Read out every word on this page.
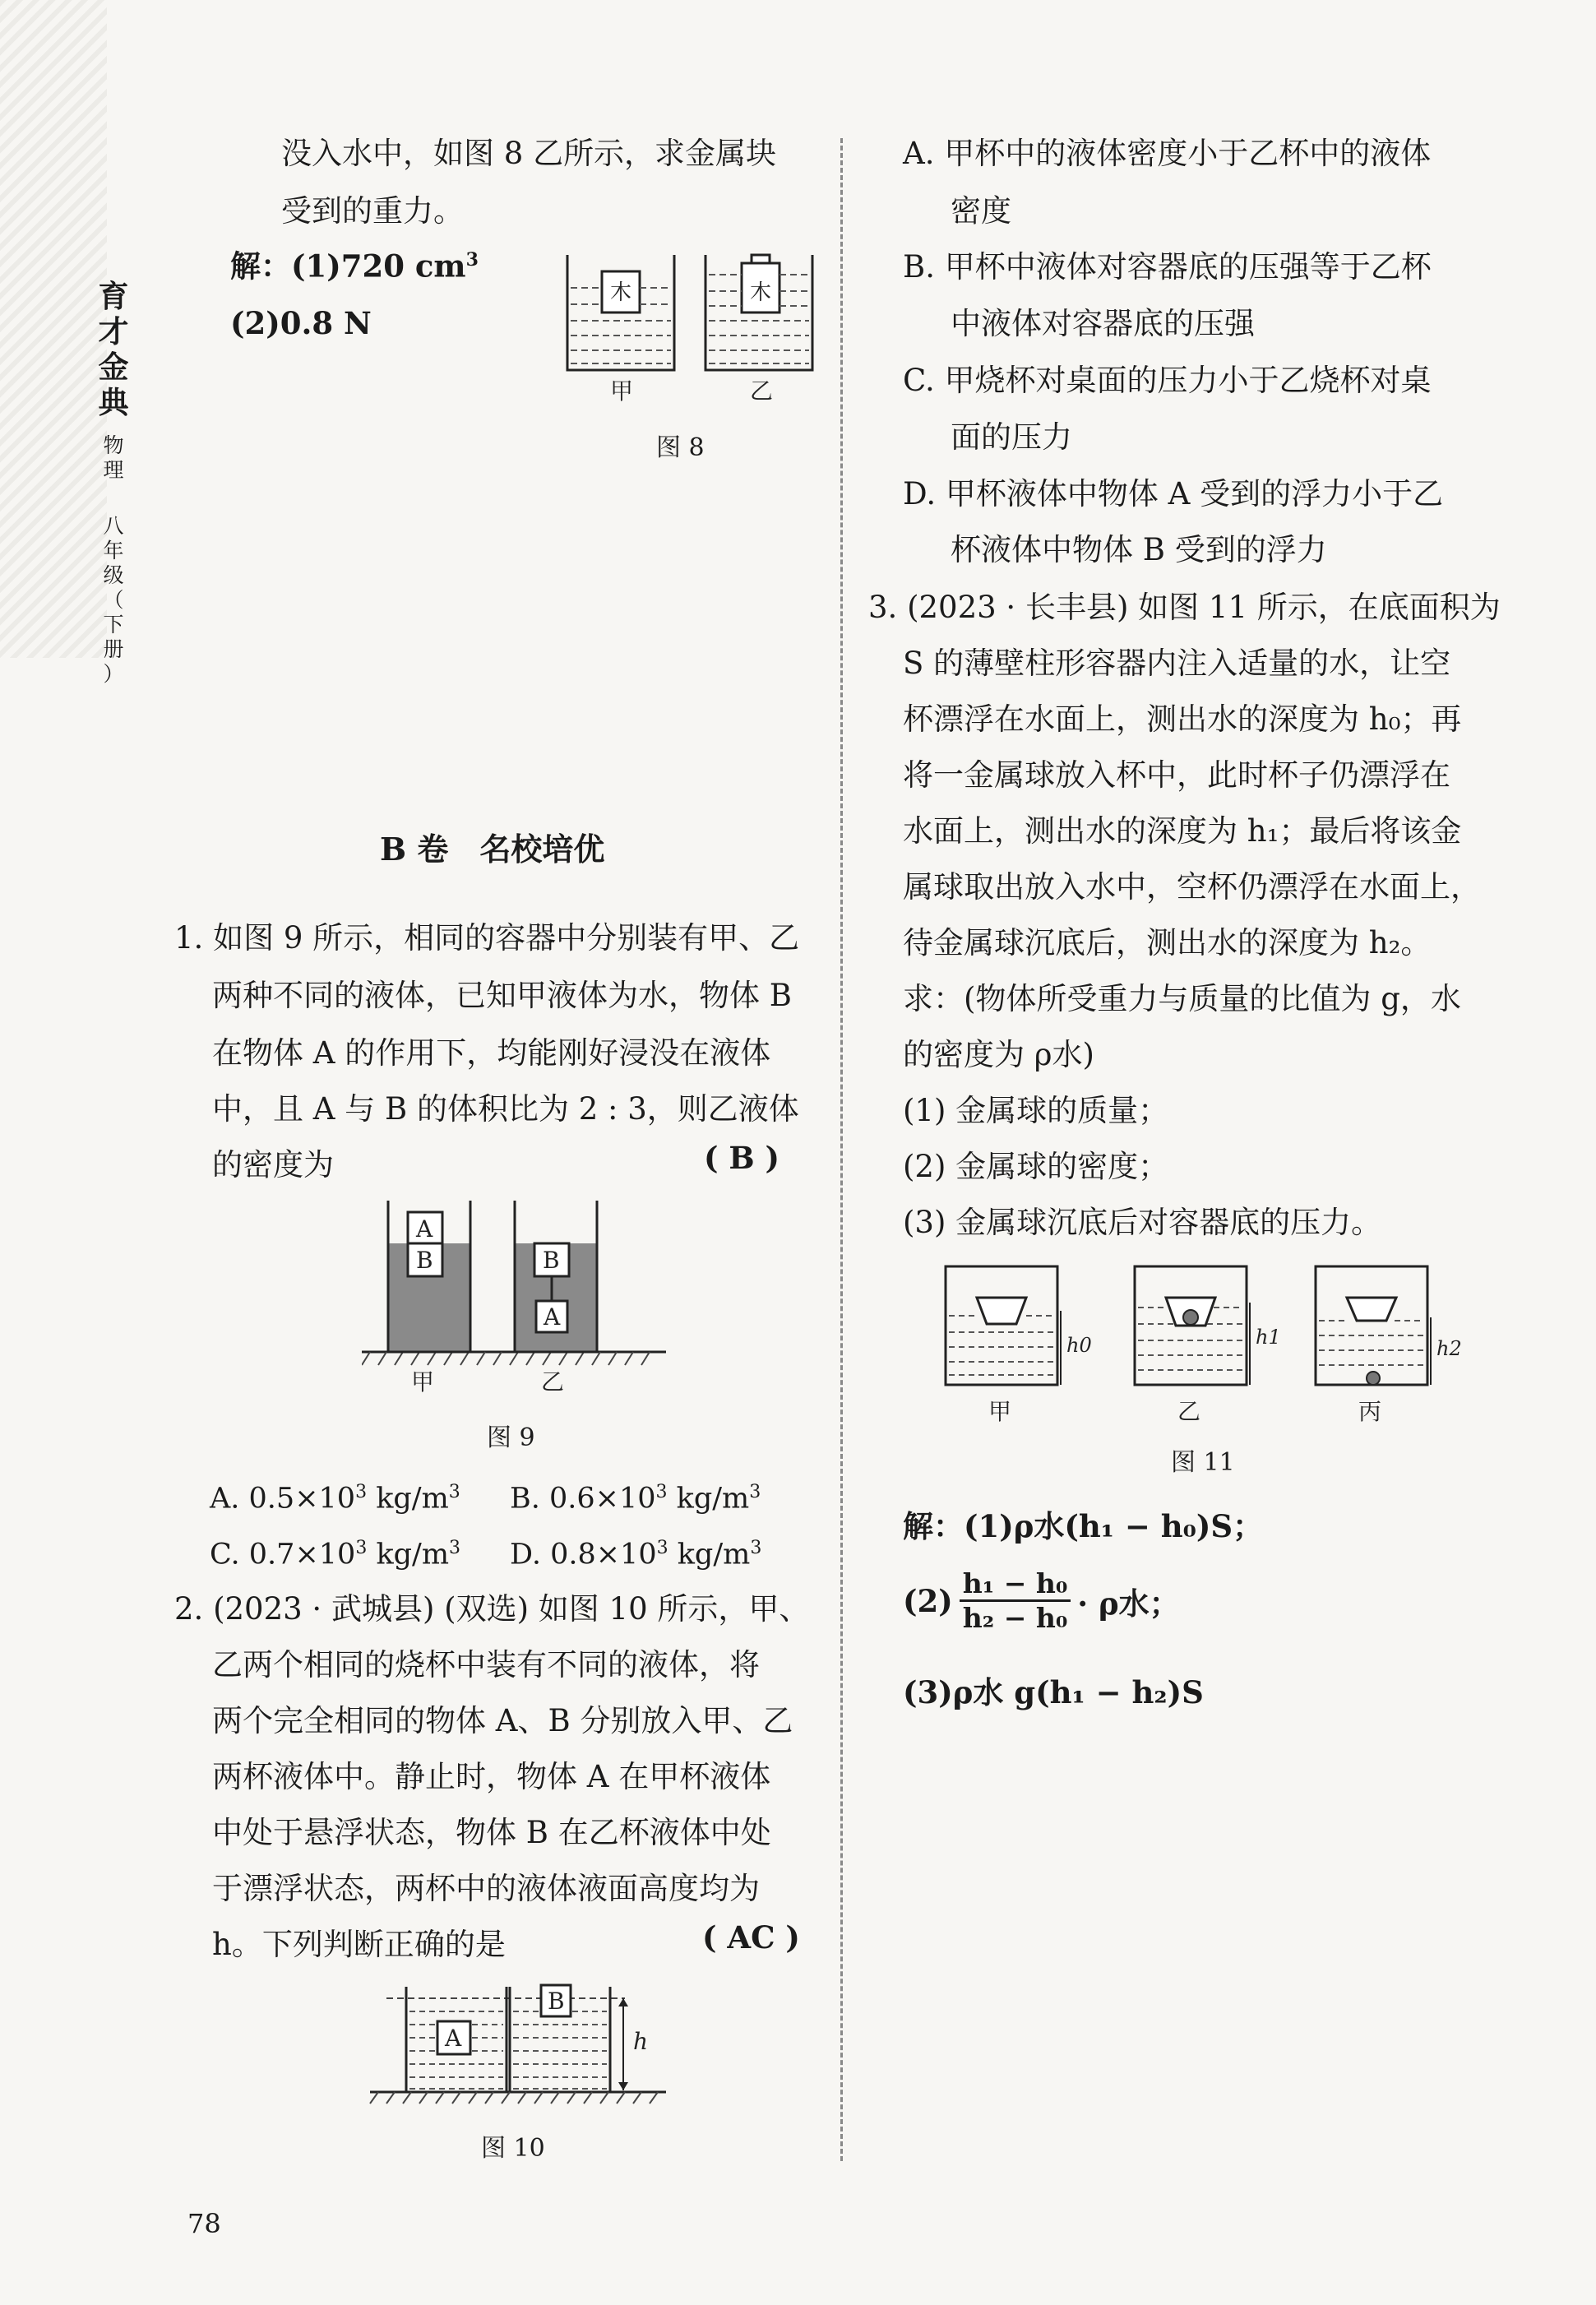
育
才
金
典
物
理
八
年
级
（
下
册
）
没入水中，如图 8 乙所示，求金属块
受到的重力。
解：(1)720 $cm^3$
(2)0.8 N
木	木
甲	乙
图 8
B 卷　名校培优
1. 如图 9 所示，相同的容器中分别装有甲、乙
两种不同的液体，已知甲液体为水，物体 B
在物体 A 的作用下，均能刚好浸没在液体
中，且 A 与 B 的体积比为 2 : 3，则乙液体
的密度为	( B )
A
B	B
A
甲	乙
图 9
A. $0.5\times 10^3$ $kg/m^3$ B. $0.6\times 10^3$ $kg/m^3$
C. $0.7\times 10^3$ $kg/m^3$ D. $0.8\times 10^3$ $kg/m^3$
2. (2023 · 武城县) (双选) 如图 10 所示，甲、
乙两个相同的烧杯中装有不同的液体，将
两个完全相同的物体 A、B 分别放入甲、乙
两杯液体中。静止时，物体 A 在甲杯液体
中处于悬浮状态，物体 B 在乙杯液体中处
于漂浮状态，两杯中的液体液面高度均为
h。下列判断正确的是	( AC )
A
B
h
图 10
78
A. 甲杯中的液体密度小于乙杯中的液体
密度
B. 甲杯中液体对容器底的压强等于乙杯
中液体对容器底的压强
C. 甲烧杯对桌面的压力小于乙烧杯对桌
面的压力
D. 甲杯液体中物体 A 受到的浮力小于乙
杯液体中物体 B 受到的浮力
3. (2023 · 长丰县) 如图 11 所示，在底面积为
S 的薄壁柱形容器内注入适量的水，让空
杯漂浮在水面上，测出水的深度为 h₀；再
将一金属球放入杯中，此时杯子仍漂浮在
水面上，测出水的深度为 h₁；最后将该金
属球取出放入水中，空杯仍漂浮在水面上，
待金属球沉底后，测出水的深度为 h₂。
求：(物体所受重力与质量的比值为 g，水
的密度为 ρ水)
(1) 金属球的质量；
(2) 金属球的密度；
(3) 金属球沉底后对容器底的压力。
h0	h1	h2
甲	乙	丙
图 11
解：(1)ρ水(h₁ − h₀)S；
(2) h₁ − h₀
h₂ − h₀ · ρ水；
(3)ρ水 g(h₁ − h₂)S
